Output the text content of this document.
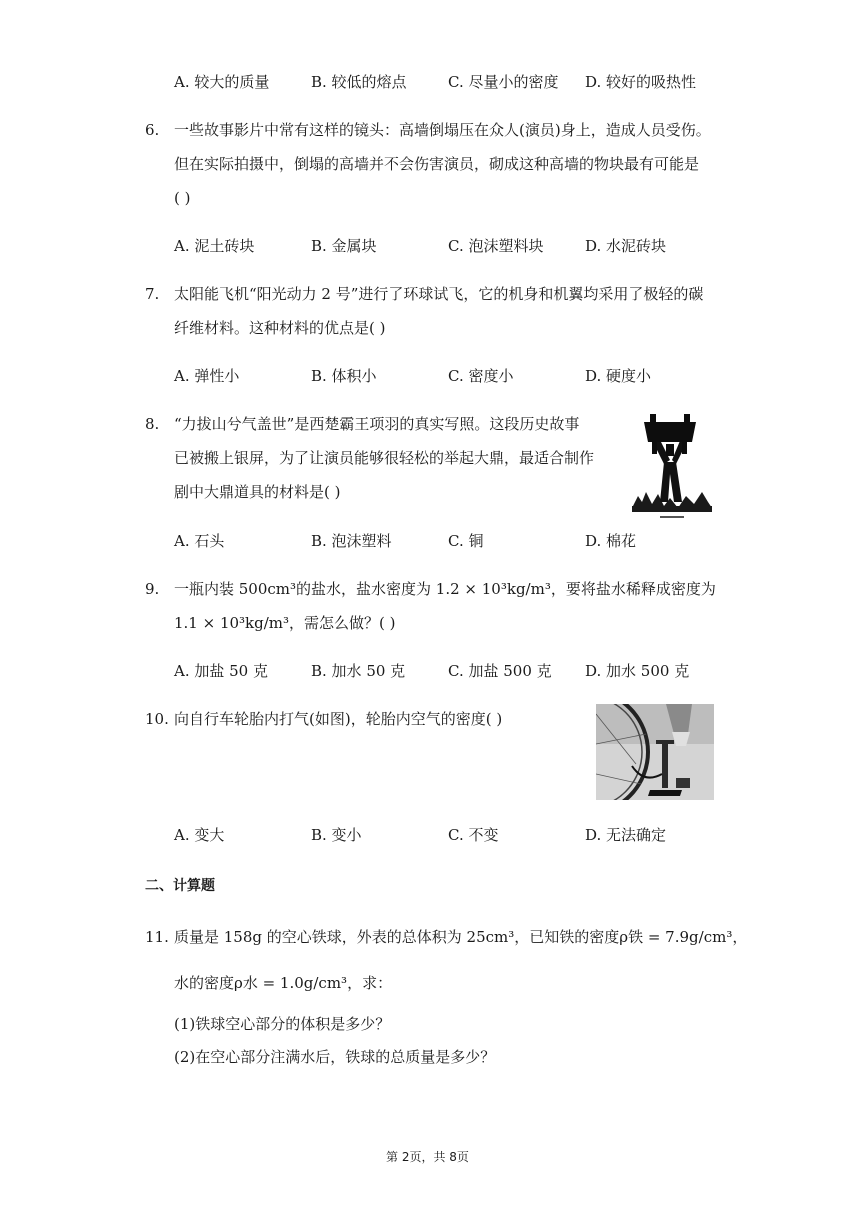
A. 较大的质量	B. 较低的熔点	C. 尽量小的密度 D. 较好的吸热性
6. 一些故事影片中常有这样的镜头：高墙倒塌压在众人(演员)身上，造成人员受伤。
但在实际拍摄中，倒塌的高墙并不会伤害演员，砌成这种高墙的物块最有可能是
( )
A. 泥土砖块	B. 金属块	C. 泡沫塑料块	D. 水泥砖块
7. 太阳能飞机“阳光动力 2 号”进行了环球试飞，它的机身和机翼均采用了极轻的碳
纤维材料。这种材料的优点是( )
A. 弹性小	B. 体积小	C. 密度小	D. 硬度小
8. “力拔山兮气盖世”是西楚霸王项羽的真实写照。这段历史故事
已被搬上银屏，为了让演员能够很轻松的举起大鼎，最适合制作
剧中大鼎道具的材料是( )
A. 石头	B. 泡沫塑料	C. 铜	D. 棉花
9. 一瓶内装 500cm³的盐水，盐水密度为 1.2 × 10³kg/m³，要将盐水稀释成密度为
1.1 × 10³kg/m³，需怎么做？( )
A. 加盐 50 克	B. 加水 50 克	C. 加盐 500 克 D. 加水 500 克
10. 向自行车轮胎内打气(如图)，轮胎内空气的密度( )
A. 变大	B. 变小	C. 不变	D. 无法确定
二、计算题
11. 质量是 158g 的空心铁球，外表的总体积为 25cm³，已知铁的密度ρ铁 = 7.9g/cm³，
水的密度ρ水 = 1.0g/cm³，求：
(1)铁球空心部分的体积是多少？
(2)在空心部分注满水后，铁球的总质量是多少？
第 2页，共 8页
